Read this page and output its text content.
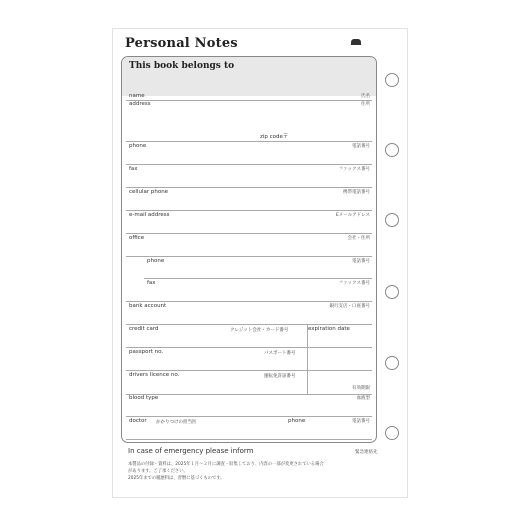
Personal Notes
This book belongs to
name	氏名
address	住所
zip code〒
phone	電話番号
fax	ファックス番号
cellular phone	携帯電話番号
e-mail address	Eメールアドレス
office	会社・住所
phone	電話番号
fax	ファックス番号
bank account	銀行支店・口座番号
credit card	クレジット会社・カード番号	expiration date
passport no.	パスポート番号
drivers licence no.	運転免許証番号
有効期限
blood type	血液型
doctor かかりつけの担当医	phone	電話番号
In case of emergency please inform	緊急連絡先
本製品の付録・資料は、2025年１月～２月に調査・収集しており、内容の一部が変更されている場合
があります。ご了承ください。
2025年までの履歴料は、習暦に基づくものです。
